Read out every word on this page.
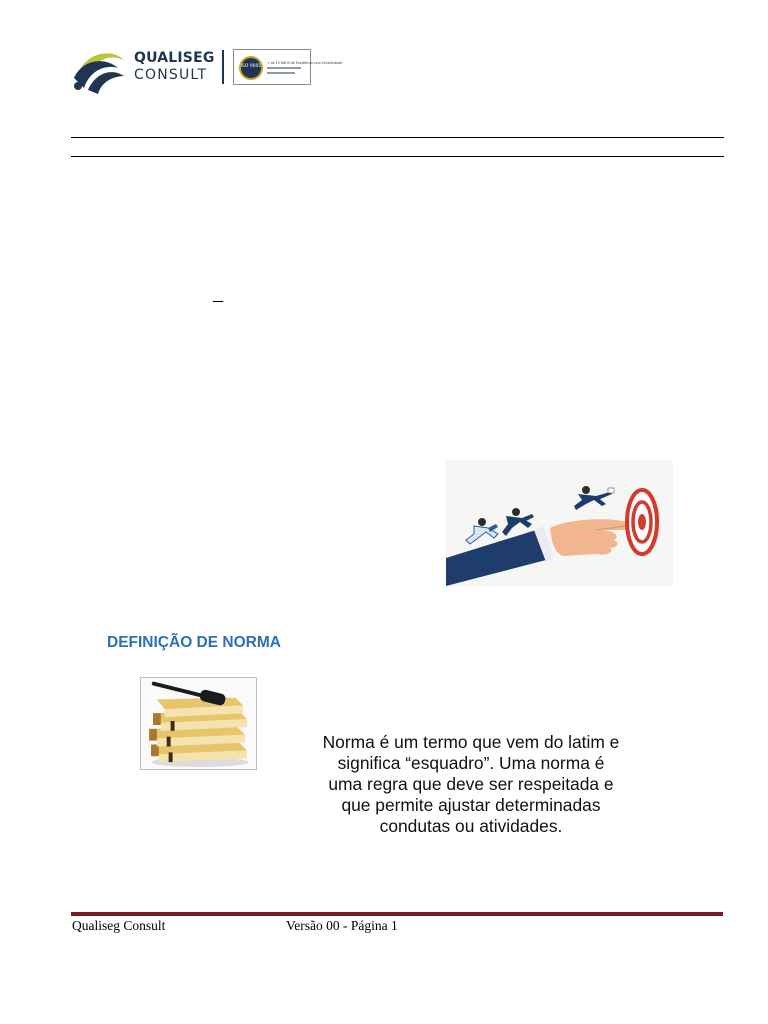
QUALISEG
CONSULT
ISO 9001
+ de 10 ANOS de Excelência com Simplicidade
–
DEFINIÇÃO DE NORMA
Norma é um termo que vem do latim e
significa “esquadro”. Uma norma é
uma regra que deve ser respeitada e
que permite ajustar determinadas
condutas ou atividades.
Qualiseg Consult	Versão 00 - Página 1
